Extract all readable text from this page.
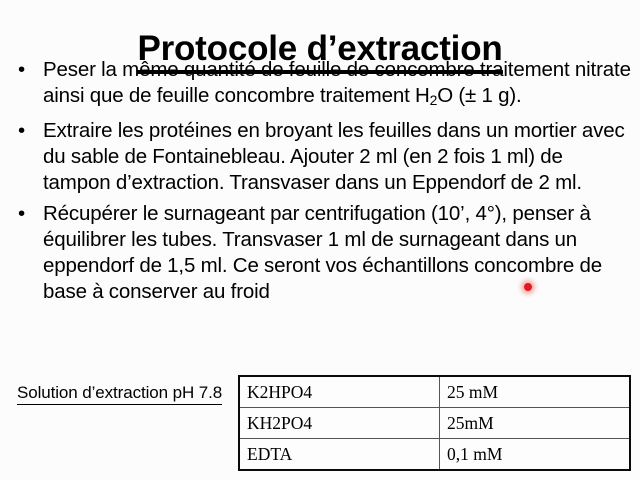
Protocole d’extraction
• Peser la même quantité de feuille de concombre traitement nitrate ainsi que de feuille concombre traitement $H_2O$ (± 1 g).
• Extraire les protéines en broyant les feuilles dans un mortier avec du sable de Fontainebleau. Ajouter 2 ml (en 2 fois 1 ml) de tampon d’extraction. Transvaser dans un Eppendorf de 2 ml.
• Récupérer le surnageant par centrifugation (10’, 4°), penser à équilibrer les tubes. Transvaser 1 ml de surnageant dans un eppendorf de 1,5 ml. Ce seront vos échantillons concombre de base à conserver au froid
Solution d’extraction pH 7.8 K2HPO4	25 mM
KH2PO4	25mM
EDTA	0,1 mM
